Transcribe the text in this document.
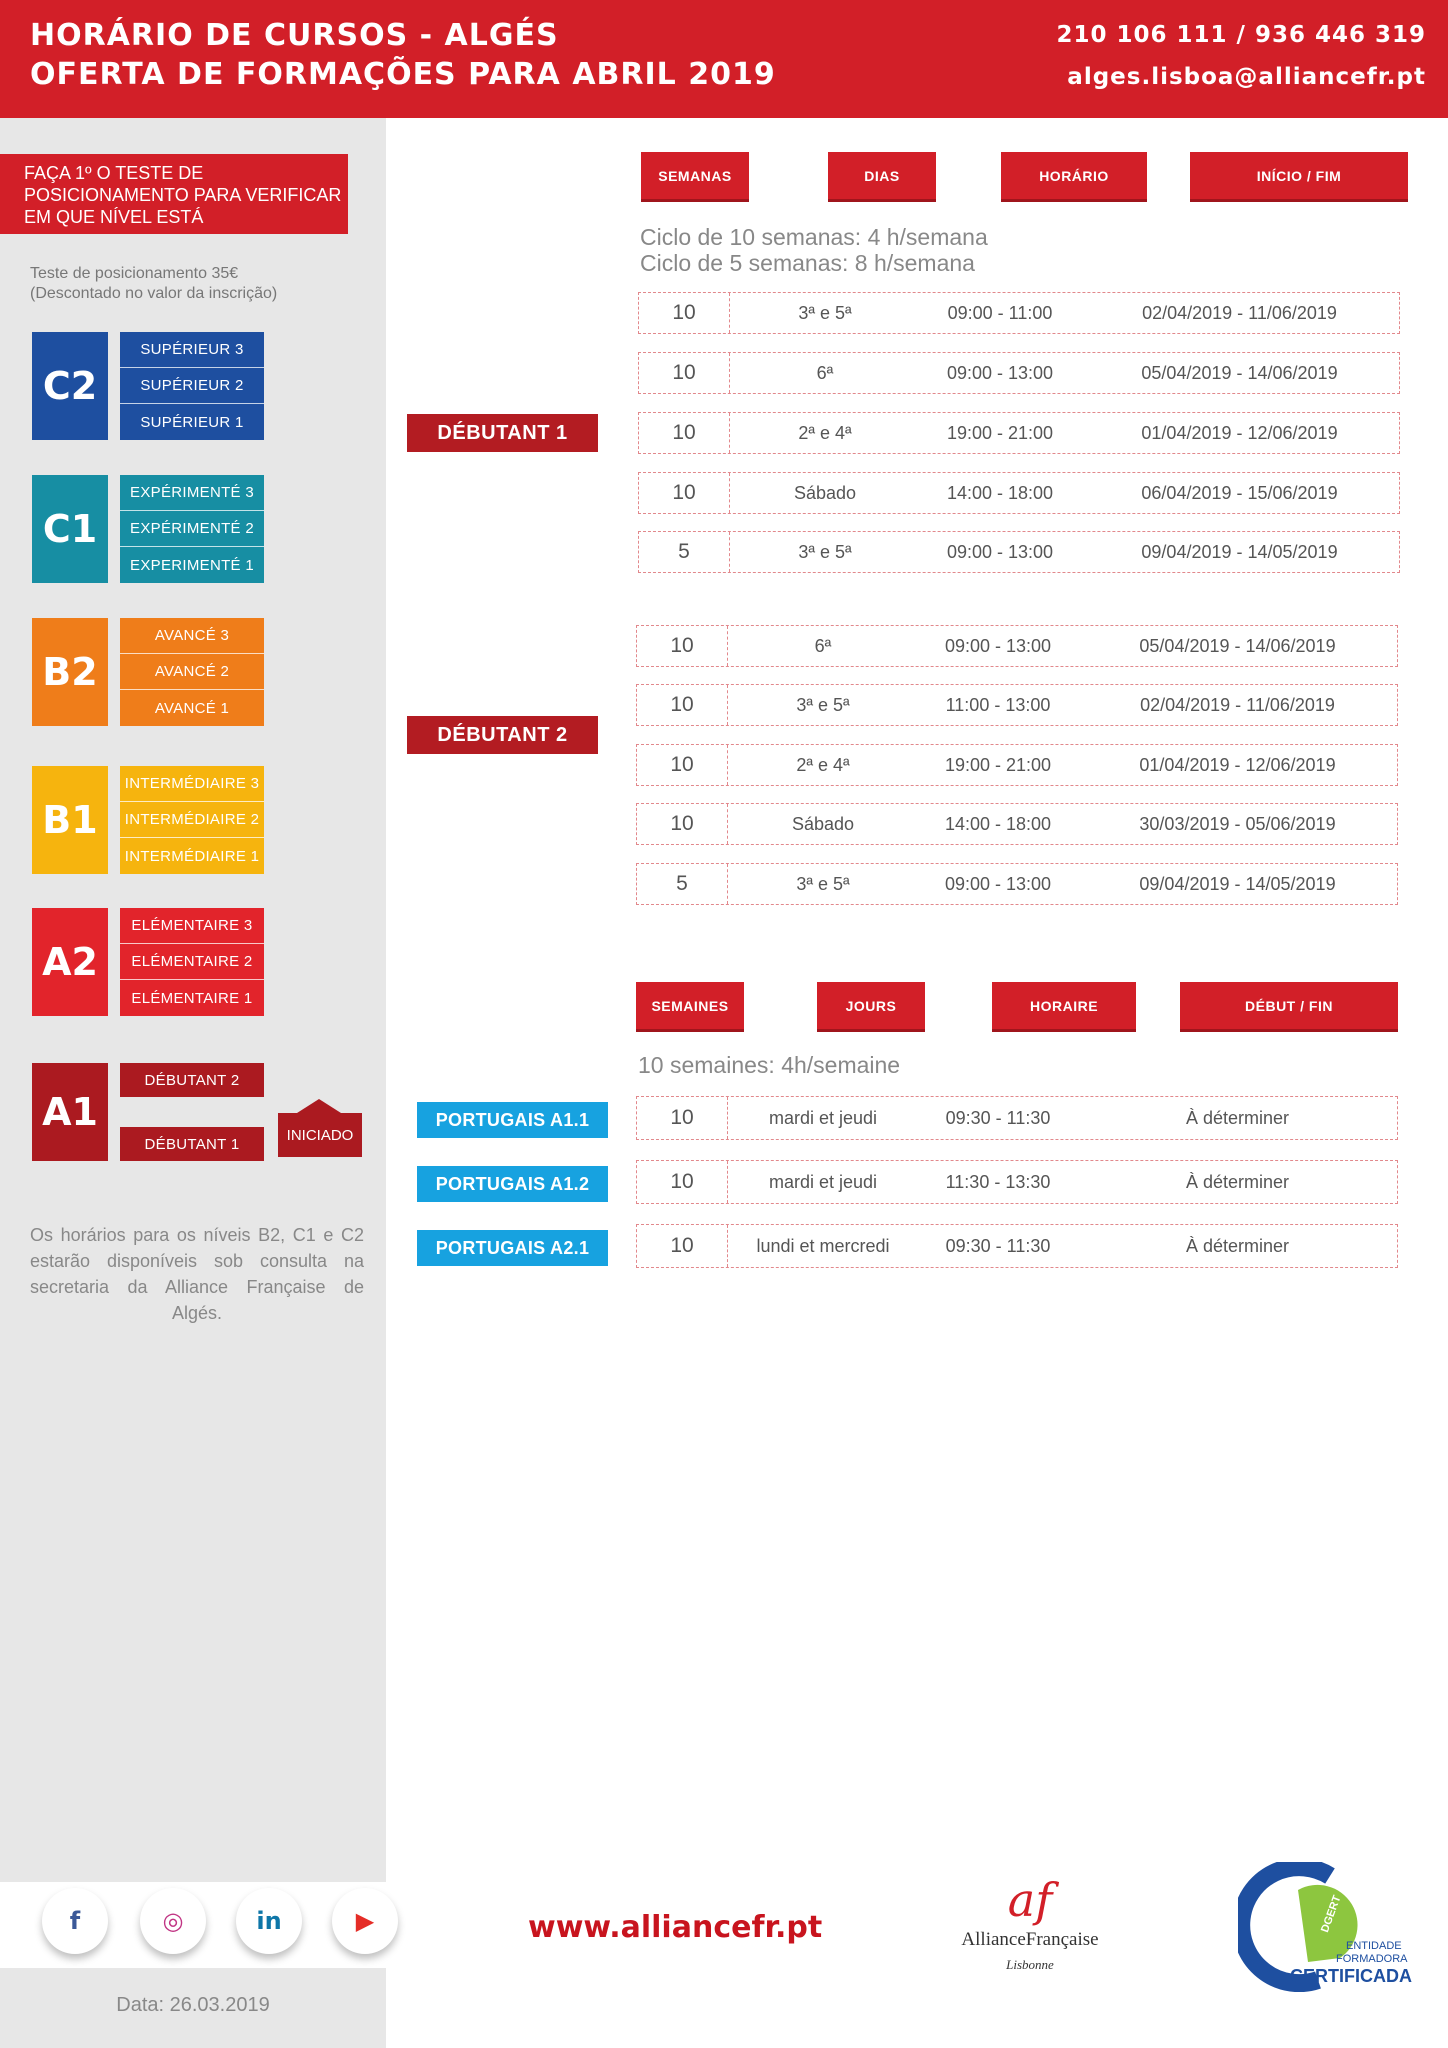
HORÁRIO DE CURSOS - ALGÉS
OFERTA DE FORMAÇÕES PARA ABRIL 2019
210 106 111 / 936 446 319
alges.lisboa@alliancefr.pt
FAÇA 1º O TESTE DE POSICIONAMENTO PARA VERIFICAR EM QUE NÍVEL ESTÁ
Teste de posicionamento 35€
(Descontado no valor da inscrição)
C2
SUPÉRIEUR 3
SUPÉRIEUR 2
SUPÉRIEUR 1
C1
EXPÉRIMENTÉ 3
EXPÉRIMENTÉ 2
EXPERIMENTÉ 1
B2
AVANCÉ 3
AVANCÉ 2
AVANCÉ 1
B1
INTERMÉDIAIRE 3
INTERMÉDIAIRE 2
INTERMÉDIAIRE 1
A2
ELÉMENTAIRE 3
ELÉMENTAIRE 2
ELÉMENTAIRE 1
A1
DÉBUTANT 2
DÉBUTANT 1
INICIADO
Os horários para os níveis B2, C1 e C2 estarão disponíveis sob consulta na secretaria da Alliance Française de Algés.
f	◎	in	▶
Data: 26.03.2019
SEMANAS	DIAS	HORÁRIO	INÍCIO / FIM
Ciclo de 10 semanas: 4 h/semana
Ciclo de 5 semanas: 8 h/semana
DÉBUTANT 1
10	3ª e 5ª	09:00 - 11:00	02/04/2019 - 11/06/2019
10	6ª	09:00 - 13:00	05/04/2019 - 14/06/2019
10	2ª e 4ª	19:00 - 21:00	01/04/2019 - 12/06/2019
10	Sábado	14:00 - 18:00	06/04/2019 - 15/06/2019
5	3ª e 5ª	09:00 - 13:00	09/04/2019 - 14/05/2019
DÉBUTANT 2
10	6ª	09:00 - 13:00	05/04/2019 - 14/06/2019
10	3ª e 5ª	11:00 - 13:00	02/04/2019 - 11/06/2019
10	2ª e 4ª	19:00 - 21:00	01/04/2019 - 12/06/2019
10	Sábado	14:00 - 18:00	30/03/2019 - 05/06/2019
5	3ª e 5ª	09:00 - 13:00	09/04/2019 - 14/05/2019
SEMAINES	JOURS	HORAIRE	DÉBUT / FIN
10 semaines: 4h/semaine
PORTUGAIS A1.1	10	mardi et jeudi	09:30 - 11:30	À déterminer
PORTUGAIS A1.2	10	mardi et jeudi	11:30 - 13:30	À déterminer
PORTUGAIS A2.1	10	lundi et mercredi	09:30 - 11:30	À déterminer
www.alliancefr.pt
af
AllianceFrançaise
Lisbonne
DGERT
ENTIDADE
FORMADORA
CERTIFICADA
